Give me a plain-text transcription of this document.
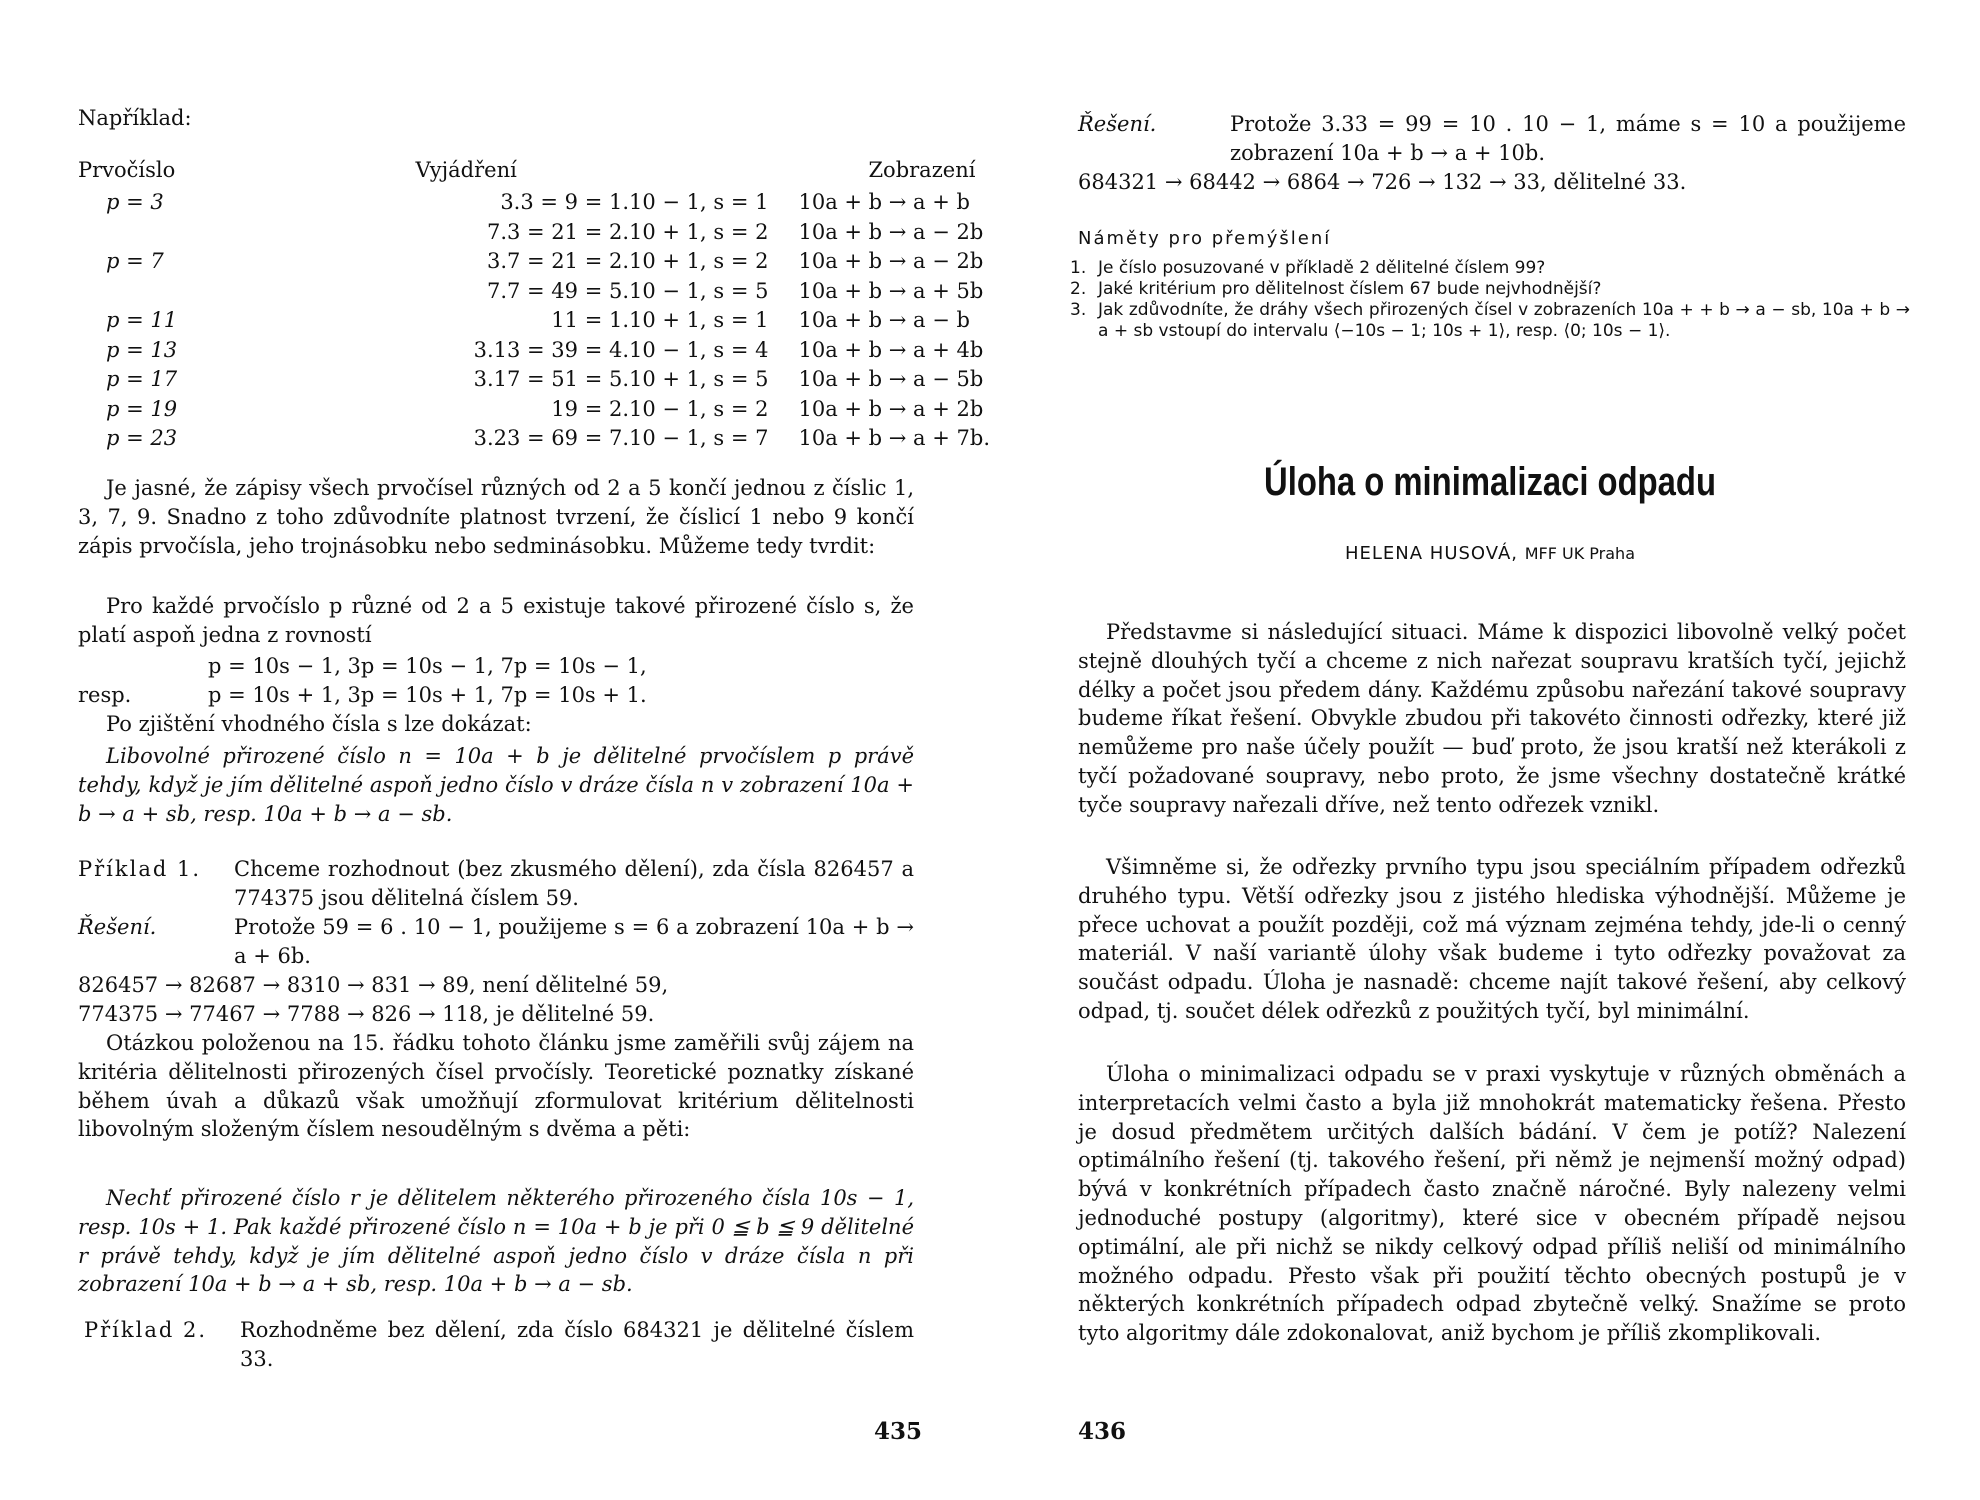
Například:
Prvočíslo	Vyjádření	Zobrazení
p = 3	3.3 = 9 = 1.10 − 1, s = 1	10a + b → a + b
	7.3 = 21 = 2.10 + 1, s = 2	10a + b → a − 2b
p = 7	3.7 = 21 = 2.10 + 1, s = 2	10a + b → a − 2b
	7.7 = 49 = 5.10 − 1, s = 5	10a + b → a + 5b
p = 11	11 = 1.10 + 1, s = 1	10a + b → a − b
p = 13	3.13 = 39 = 4.10 − 1, s = 4	10a + b → a + 4b
p = 17	3.17 = 51 = 5.10 + 1, s = 5	10a + b → a − 5b
p = 19	19 = 2.10 − 1, s = 2	10a + b → a + 2b
p = 23	3.23 = 69 = 7.10 − 1, s = 7	10a + b → a + 7b.
Je jasné, že zápisy všech prvočísel různých od 2 a 5 končí jednou z číslic 1, 3, 7, 9. Snadno z toho zdůvodníte platnost tvrzení, že číslicí 1 nebo 9 končí zápis prvočísla, jeho trojnásobku nebo sedminásobku. Můžeme tedy tvrdit:
Pro každé prvočíslo p různé od 2 a 5 existuje takové přirozené číslo s, že platí aspoň jedna z rovností
p = 10s − 1, 3p = 10s − 1, 7p = 10s − 1,
resp.	p = 10s + 1, 3p = 10s + 1, 7p = 10s + 1.
Po zjištění vhodného čísla s lze dokázat:
Libovolné přirozené číslo n = 10a + b je dělitelné prvočíslem p právě tehdy, když je jím dělitelné aspoň jedno číslo v dráze čísla n v zobrazení 10a + b → a + sb, resp. 10a + b → a − sb.
Příklad 1. Chceme rozhodnout (bez zkusmého dělení), zda čísla 826457 a 774375 jsou dělitelná číslem 59.
Řešení.	Protože 59 = 6 . 10 − 1, použijeme s = 6 a zobrazení 10a + b → a + 6b.
826457 → 82687 → 8310 → 831 → 89, není dělitelné 59,
774375 → 77467 → 7788 → 826 → 118, je dělitelné 59.
Otázkou položenou na 15. řádku tohoto článku jsme zaměřili svůj zájem na kritéria dělitelnosti přirozených čísel prvočísly. Teoretické poznatky získané během úvah a důkazů však umožňují zformulovat kritérium dělitelnosti libovolným složeným číslem nesoudělným s dvěma a pěti:
Nechť přirozené číslo r je dělitelem některého přirozeného čísla 10s − 1, resp. 10s + 1. Pak každé přirozené číslo n = 10a + b je při 0 ≦ b ≦ 9 dělitelné r právě tehdy, když je jím dělitelné aspoň jedno číslo v dráze čísla n při zobrazení 10a + b → a + sb, resp. 10a + b → a − sb.
Příklad 2. Rozhodněme bez dělení, zda číslo 684321 je dělitelné číslem 33.
435
Řešení.	Protože 3.33 = 99 = 10 . 10 − 1, máme s = 10 a použijeme zobrazení 10a + b → a + 10b.
684321 → 68442 → 6864 → 726 → 132 → 33, dělitelné 33.
Náměty pro přemýšlení
1. Je číslo posuzované v příkladě 2 dělitelné číslem 99?
2. Jaké kritérium pro dělitelnost číslem 67 bude nejvhodnější?
3. Jak zdůvodníte, že dráhy všech přirozených čísel v zobrazeních 10a + + b → a − sb, 10a + b → a + sb vstoupí do intervalu ⟨−10s − 1; 10s + 1⟩, resp. ⟨0; 10s − 1⟩.
Úloha o minimalizaci odpadu
HELENA HUSOVÁ, MFF UK Praha
Představme si následující situaci. Máme k dispozici libovolně velký počet stejně dlouhých tyčí a chceme z nich nařezat soupravu kratších tyčí, jejichž délky a počet jsou předem dány. Každému způsobu nařezání takové soupravy budeme říkat řešení. Obvykle zbudou při takovéto činnosti odřezky, které již nemůžeme pro naše účely použít — buď proto, že jsou kratší než kterákoli z tyčí požadované soupravy, nebo proto, že jsme všechny dostatečně krátké tyče soupravy nařezali dříve, než tento odřezek vznikl.
Všimněme si, že odřezky prvního typu jsou speciálním případem odřezků druhého typu. Větší odřezky jsou z jistého hlediska výhodnější. Můžeme je přece uchovat a použít později, což má význam zejména tehdy, jde-li o cenný materiál. V naší variantě úlohy však budeme i tyto odřezky považovat za součást odpadu. Úloha je nasnadě: chceme najít takové řešení, aby celkový odpad, tj. součet délek odřezků z použitých tyčí, byl minimální.
Úloha o minimalizaci odpadu se v praxi vyskytuje v různých obměnách a interpretacích velmi často a byla již mnohokrát matematicky řešena. Přesto je dosud předmětem určitých dalších bádání. V čem je potíž? Nalezení optimálního řešení (tj. takového řešení, při němž je nejmenší možný odpad) bývá v konkrétních případech často značně náročné. Byly nalezeny velmi jednoduché postupy (algoritmy), které sice v obecném případě nejsou optimální, ale při nichž se nikdy celkový odpad příliš neliší od minimálního možného odpadu. Přesto však při použití těchto obecných postupů je v některých konkrétních případech odpad zbytečně velký. Snažíme se proto tyto algoritmy dále zdokonalovat, aniž bychom je příliš zkomplikovali.
436
